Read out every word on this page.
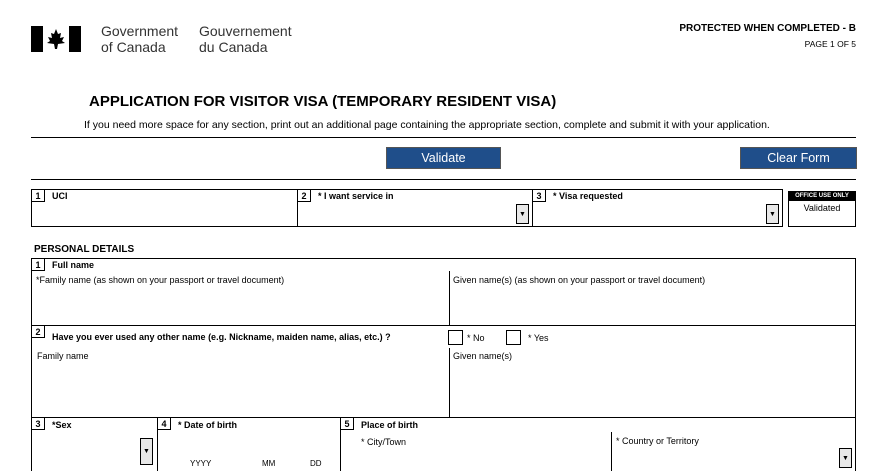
Government
of Canada
Gouvernement
du Canada
PROTECTED WHEN COMPLETED - B
PAGE 1 OF 5
APPLICATION FOR VISITOR VISA (TEMPORARY RESIDENT VISA)
If you need more space for any section, print out an additional page containing the appropriate section, complete and submit it with your application.
Validate	Clear Form
1	UCI	2	* I want service in
▼
3	* Visa requested
▼
OFFICE USE ONLY
Validated
PERSONAL DETAILS
1	Full name
*Family name (as shown on your passport or travel document)	Given name(s) (as shown on your passport or travel document)
2
Have you ever used any other name (e.g. Nickname, maiden name, alias, etc.) ?	* No	* Yes
Family name	Given name(s)
3	*Sex
▼
4	* Date of birth
YYYY	MM	DD
5	Place of birth
* City/Town	* Country or Territory
▼
